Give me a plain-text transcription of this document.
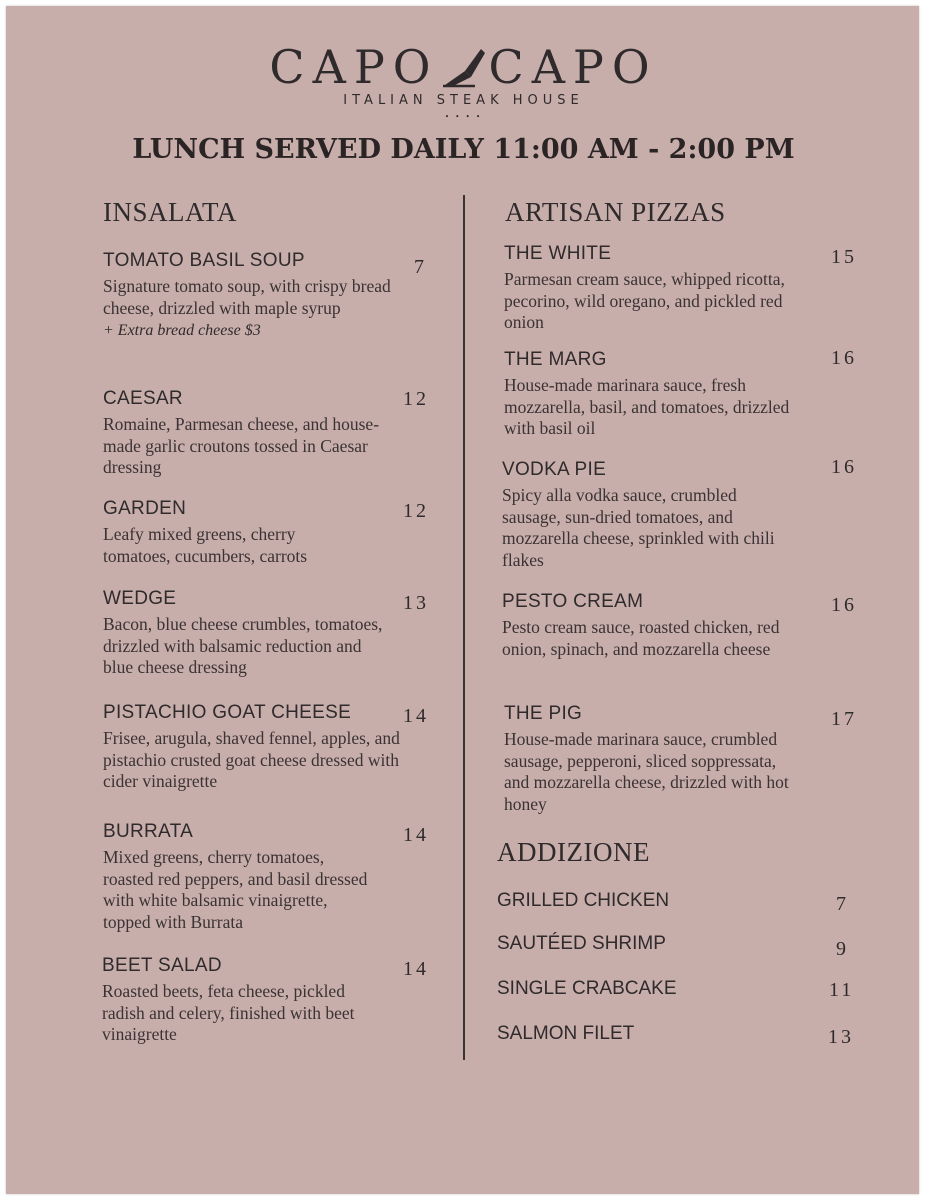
CAPO CAPO
ITALIAN STEAK HOUSE
• • • •
LUNCH SERVED DAILY 11:00 AM - 2:00 PM
INSALATA
TOMATO BASIL SOUP
Signature tomato soup, with crispy bread cheese, drizzled with maple syrup
+ Extra bread cheese $3
7
CAESAR
Romaine, Parmesan cheese, and house-made garlic croutons tossed in Caesar dressing
12
GARDEN
Leafy mixed greens, cherry tomatoes, cucumbers, carrots
12
WEDGE
Bacon, blue cheese crumbles, tomatoes, drizzled with balsamic reduction and blue cheese dressing
13
PISTACHIO GOAT CHEESE
Frisee, arugula, shaved fennel, apples, and pistachio crusted goat cheese dressed with cider vinaigrette
14
BURRATA
Mixed greens, cherry tomatoes, roasted red peppers, and basil dressed with white balsamic vinaigrette, topped with Burrata
14
BEET SALAD
Roasted beets, feta cheese, pickled radish and celery, finished with beet vinaigrette
14
ARTISAN PIZZAS
THE WHITE
Parmesan cream sauce, whipped ricotta, pecorino, wild oregano, and pickled red onion
15
THE MARG
House-made marinara sauce, fresh mozzarella, basil, and tomatoes, drizzled with basil oil
16
VODKA PIE
Spicy alla vodka sauce, crumbled sausage, sun-dried tomatoes, and mozzarella cheese, sprinkled with chili flakes
16
PESTO CREAM
Pesto cream sauce, roasted chicken, red onion, spinach, and mozzarella cheese
16
THE PIG
House-made marinara sauce, crumbled sausage, pepperoni, sliced soppressata, and mozzarella cheese, drizzled with hot honey
17
ADDIZIONE
GRILLED CHICKEN	7
SAUTÉED SHRIMP	9
SINGLE CRABCAKE	11
SALMON FILET	13
